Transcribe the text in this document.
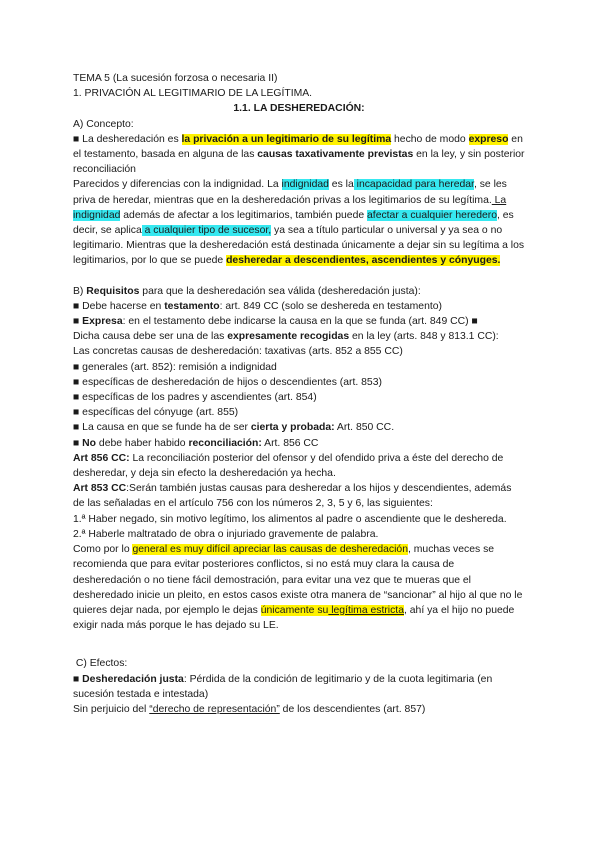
TEMA 5 (La sucesión forzosa o necesaria II)

1. PRIVACIÓN AL LEGITIMARIO DE LA LEGÍTIMA.

1.1. LA DESHEREDACIÓN:

A) Concepto:

■ La desheredación es la privación a un legitimario de su legítima hecho de modo expreso en el testamento, basada en alguna de las causas taxativamente previstas en la ley, y sin posterior reconciliación

Parecidos y diferencias con la indignidad. La indignidad es la incapacidad para heredar, se les priva de heredar, mientras que en la desheredación privas a los legitimarios de su legítima. La indignidad además de afectar a los legitimarios, también puede afectar a cualquier heredero, es decir, se aplica a cualquier tipo de sucesor, ya sea a título particular o universal y ya sea o no legitimario. Mientras que la desheredación está destinada únicamente a dejar sin su legítima a los legitimarios, por lo que se puede desheredar a descendientes, ascendientes y cónyuges.

B) Requisitos para que la desheredación sea válida (desheredación justa):

■ Debe hacerse en testamento: art. 849 CC (solo se deshereda en testamento)

■ Expresa: en el testamento debe indicarse la causa en la que se funda (art. 849 CC) ■

Dicha causa debe ser una de las expresamente recogidas en la ley (arts. 848 y 813.1 CC):

Las concretas causas de desheredación: taxativas (arts. 852 a 855 CC)

■ generales (art. 852): remisión a indignidad

■ específicas de desheredación de hijos o descendientes (art. 853)

■ específicas de los padres y ascendientes (art. 854)

■ específicas del cónyuge (art. 855)

■ La causa en que se funde ha de ser cierta y probada: Art. 850 CC.

■ No debe haber habido reconciliación: Art. 856 CC

Art 856 CC: La reconciliación posterior del ofensor y del ofendido priva a éste del derecho de desheredar, y deja sin efecto la desheredación ya hecha.

Art 853 CC:Serán también justas causas para desheredar a los hijos y descendientes, además de las señaladas en el artículo 756 con los números 2, 3, 5 y 6, las siguientes:

1.ª Haber negado, sin motivo legítimo, los alimentos al padre o ascendiente que le deshereda.

2.ª Haberle maltratado de obra o injuriado gravemente de palabra.

Como por lo general es muy difícil apreciar las causas de desheredación, muchas veces se recomienda que para evitar posteriores conflictos, si no está muy clara la causa de desheredación o no tiene fácil demostración, para evitar una vez que te mueras que el desheredado inicie un pleito, en estos casos existe otra manera de “sancionar” al hijo al que no le quieres dejar nada, por ejemplo le dejas únicamente su legítima estricta, ahí ya el hijo no puede exigir nada más porque le has dejado su LE.

C) Efectos:

■ Desheredación justa: Pérdida de la condición de legitimario y de la cuota legitimaria (en sucesión testada e intestada)

Sin perjuicio del “derecho de representación” de los descendientes (art. 857)
